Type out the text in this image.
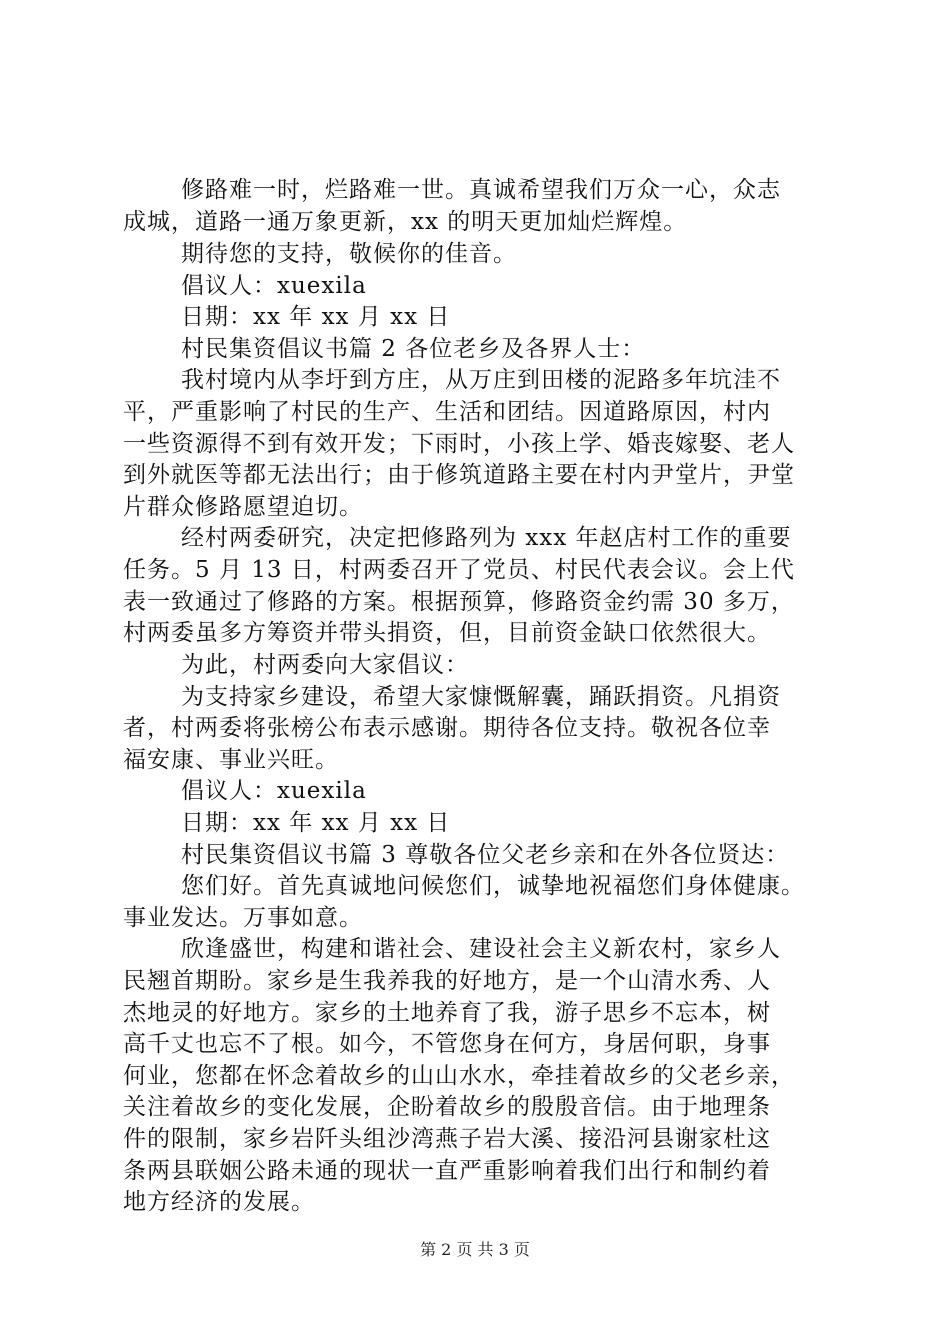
修路难一时，烂路难一世。真诚希望我们万众一心，众志
成城，道路一通万象更新，xx 的明天更加灿烂辉煌。
期待您的支持，敬候你的佳音。
倡议人：xuexila
日期：xx 年 xx 月 xx 日
村民集资倡议书篇 2 各位老乡及各界人士：
我村境内从李圩到方庄，从万庄到田楼的泥路多年坑洼不
平，严重影响了村民的生产、生活和团结。因道路原因，村内
一些资源得不到有效开发；下雨时，小孩上学、婚丧嫁娶、老人
到外就医等都无法出行；由于修筑道路主要在村内尹堂片，尹堂
片群众修路愿望迫切。
经村两委研究，决定把修路列为 xxx 年赵店村工作的重要
任务。5 月 13 日，村两委召开了党员、村民代表会议。会上代
表一致通过了修路的方案。根据预算，修路资金约需 30 多万，
村两委虽多方筹资并带头捐资，但，目前资金缺口依然很大。
为此，村两委向大家倡议：
为支持家乡建设，希望大家慷慨解囊，踊跃捐资。凡捐资
者，村两委将张榜公布表示感谢。期待各位支持。敬祝各位幸
福安康、事业兴旺。
倡议人：xuexila
日期：xx 年 xx 月 xx 日
村民集资倡议书篇 3 尊敬各位父老乡亲和在外各位贤达：
您们好。首先真诚地问候您们，诚挚地祝福您们身体健康。
事业发达。万事如意。
欣逢盛世，构建和谐社会、建设社会主义新农村，家乡人
民翘首期盼。家乡是生我养我的好地方，是一个山清水秀、人
杰地灵的好地方。家乡的土地养育了我，游子思乡不忘本，树
高千丈也忘不了根。如今，不管您身在何方，身居何职，身事
何业，您都在怀念着故乡的山山水水，牵挂着故乡的父老乡亲，
关注着故乡的变化发展，企盼着故乡的殷殷音信。由于地理条
件的限制，家乡岩阡头组沙湾燕子岩大溪、接沿河县谢家杜这
条两县联姻公路未通的现状一直严重影响着我们出行和制约着
地方经济的发展。
第 2 页 共 3 页
